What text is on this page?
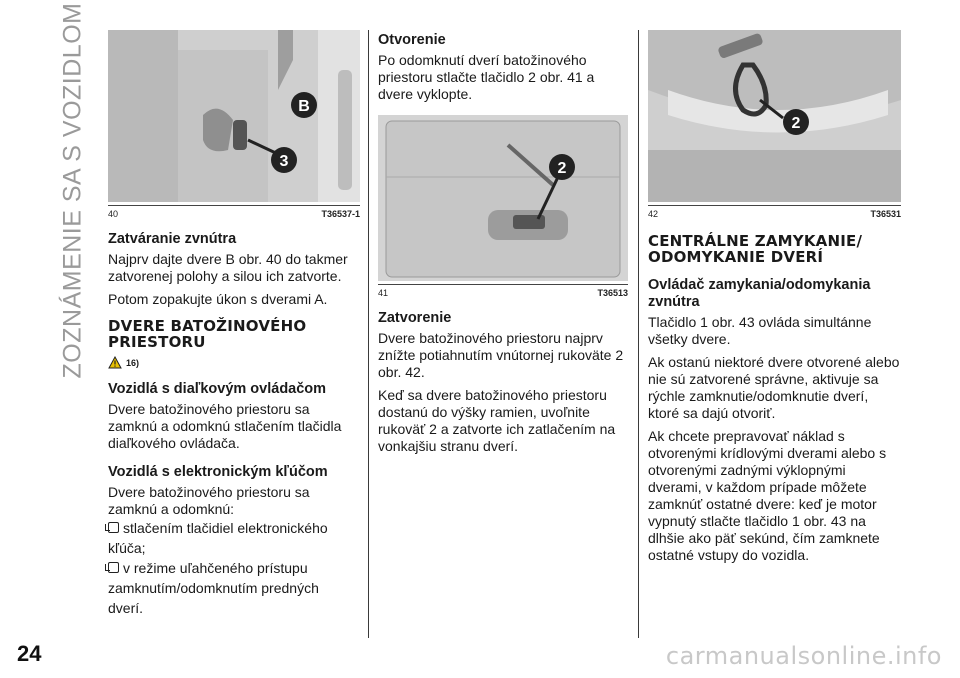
ZOZNÁMENIE SA S VOZIDLOM	B
3
40	T36537-1
Zatváranie zvnútra

Najprv dajte dvere B obr. 40 do takmer zatvorenej polohy a silou ich zatvorte.

Potom zopakujte úkon s dverami A.

DVERE BATOŽINOVÉHO
PRIESTORU
16)
Vozidlá s diaľkovým ovládačom

Dvere batožinového priestoru sa zamknú a odomknú stlačením tlačidla diaľkového ovládača.

Vozidlá s elektronickým kľúčom

Dvere batožinového priestoru sa zamknú a odomknú:

stlačením tlačidiel elektronického
kľúča;
v režime uľahčeného prístupu
zamknutím/odomknutím predných
dverí.
Otvorenie

Po odomknutí dverí batožinového priestoru stlačte tlačidlo 2 obr. 41 a dvere vyklopte.

2
41	T36513
Zatvorenie

Dvere batožinového priestoru najprv znížte potiahnutím vnútornej rukoväte 2 obr. 42.

Keď sa dvere batožinového priestoru dostanú do výšky ramien, uvoľnite rukoväť 2 a zatvorte ich zatlačením na vonkajšiu stranu dverí.

2
42	T36531
CENTRÁLNE ZAMYKANIE/
ODOMYKANIE DVERÍ
Ovládač zamykania/odomykania zvnútra

Tlačidlo 1 obr. 43 ovláda simultánne všetky dvere.

Ak ostanú niektoré dvere otvorené alebo nie sú zatvorené správne, aktivuje sa rýchle zamknutie/odomknutie dverí, ktoré sa dajú otvoriť.

Ak chcete prepravovať náklad s otvorenými krídlovými dverami alebo s otvorenými zadnými výklopnými dverami, v každom prípade môžete zamknúť ostatné dvere: keď je motor vypnutý stlačte tlačidlo 1 obr. 43 na dlhšie ako päť sekúnd, čím zamknete ostatné vstupy do vozidla.

24	carmanualsonline.info
